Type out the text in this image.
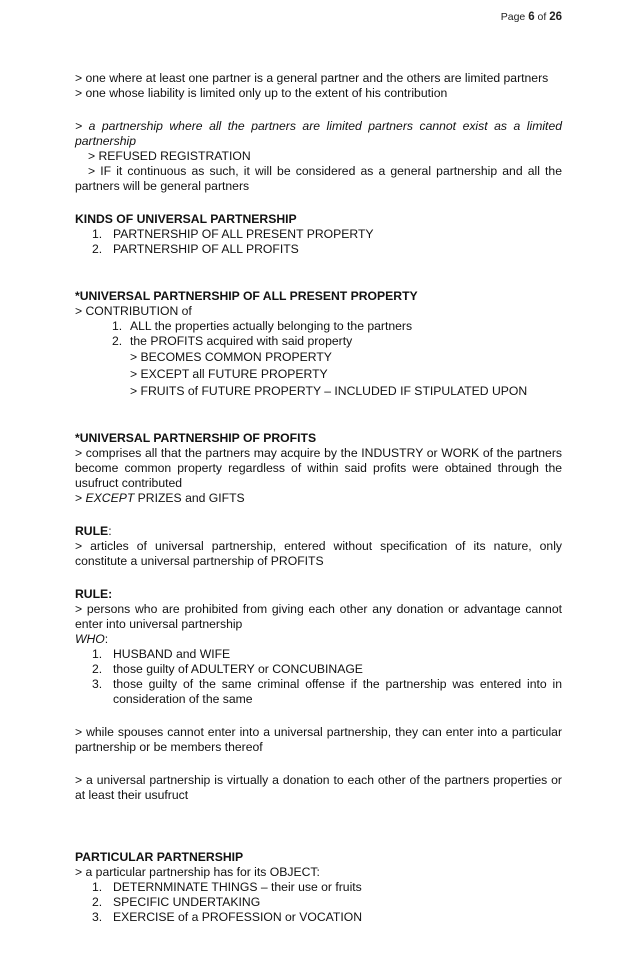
Page 6 of 26

> one where at least one partner is a general partner and the others are limited partners

> one whose liability is limited only up to the extent of his contribution

> a partnership where all the partners are limited partners cannot exist as a limited partnership

> REFUSED REGISTRATION

> IF it continuous as such, it will be considered as a general partnership and all the partners will be general partners

KINDS OF UNIVERSAL PARTNERSHIP

1. PARTNERSHIP OF ALL PRESENT PROPERTY
2. PARTNERSHIP OF ALL PROFITS

*UNIVERSAL PARTNERSHIP OF ALL PRESENT PROPERTY

> CONTRIBUTION of

1. ALL the properties actually belonging to the partners
2. the PROFITS acquired with said property

> BECOMES COMMON PROPERTY

> EXCEPT all FUTURE PROPERTY

> FRUITS of FUTURE PROPERTY – INCLUDED IF STIPULATED UPON

*UNIVERSAL PARTNERSHIP OF PROFITS

> comprises all that the partners may acquire by the INDUSTRY or WORK of the partners become common property regardless of within said profits were obtained through the usufruct contributed

> EXCEPT PRIZES and GIFTS

RULE:

> articles of universal partnership, entered without specification of its nature, only constitute a universal partnership of PROFITS

RULE:

> persons who are prohibited from giving each other any donation or advantage cannot enter into universal partnership

WHO:

1. HUSBAND and WIFE
2. those guilty of ADULTERY or CONCUBINAGE
3. those guilty of the same criminal offense if the partnership was entered into in consideration of the same

> while spouses cannot enter into a universal partnership, they can enter into a particular partnership or be members thereof

> a universal partnership is virtually a donation to each other of the partners properties or at least their usufruct

PARTICULAR PARTNERSHIP

> a particular partnership has for its OBJECT:

1. DETERNMINATE THINGS – their use or fruits
2. SPECIFIC UNDERTAKING
3. EXERCISE of a PROFESSION or VOCATION
